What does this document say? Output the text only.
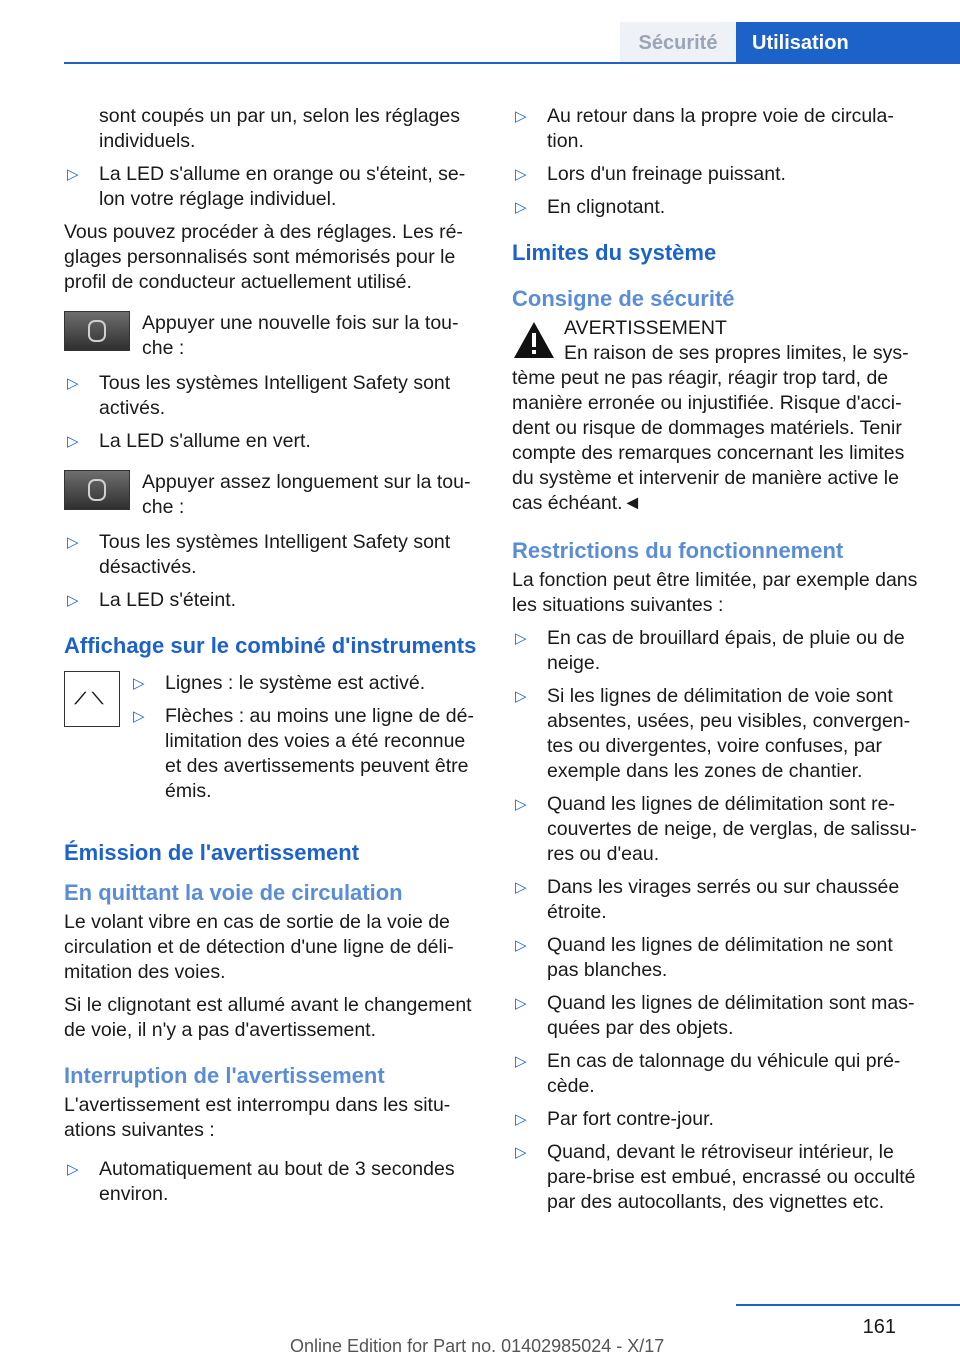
Sécurité	Utilisation
sont coupés un par un, selon les réglages individuels.
▷	La LED s'allume en orange ou s'éteint, se-lon votre réglage individuel.

Vous pouvez procéder à des réglages. Les ré-glages personnalisés sont mémorisés pour le profil de conducteur actuellement utilisé.

Appuyer une nouvelle fois sur la tou-che :
▷	Tous les systèmes Intelligent Safety sont activés.
▷	La LED s'allume en vert.
Appuyer assez longuement sur la tou-che :
▷	Tous les systèmes Intelligent Safety sont désactivés.
▷	La LED s'éteint.
Affichage sur le combiné d'instruments
⟋⟍
▷	Lignes : le système est activé.
▷	Flèches : au moins une ligne de dé-limitation des voies a été reconnue et des avertissements peuvent être émis.
Émission de l'avertissement
En quittant la voie de circulation

Le volant vibre en cas de sortie de la voie de circulation et de détection d'une ligne de déli-mitation des voies.

Si le clignotant est allumé avant le changement de voie, il n'y a pas d'avertissement.

Interruption de l'avertissement

L'avertissement est interrompu dans les situ-ations suivantes :

▷	Automatiquement au bout de 3 secondes environ.
▷	Au retour dans la propre voie de circula-tion.
▷	Lors d'un freinage puissant.
▷	En clignotant.
Limites du système
Consigne de sécurité
AVERTISSEMENT
En raison de ses propres limites, le sys-

tème peut ne pas réagir, réagir trop tard, de manière erronée ou injustifiée. Risque d'acci-dent ou risque de dommages matériels. Tenir compte des remarques concernant les limites du système et intervenir de manière active le cas échéant.◄

Restrictions du fonctionnement

La fonction peut être limitée, par exemple dans les situations suivantes :

▷	En cas de brouillard épais, de pluie ou de neige.
▷	Si les lignes de délimitation de voie sont absentes, usées, peu visibles, convergen-tes ou divergentes, voire confuses, par exemple dans les zones de chantier.
▷	Quand les lignes de délimitation sont re-couvertes de neige, de verglas, de salissu-res ou d'eau.
▷	Dans les virages serrés ou sur chaussée étroite.
▷	Quand les lignes de délimitation ne sont pas blanches.
▷	Quand les lignes de délimitation sont mas-quées par des objets.
▷	En cas de talonnage du véhicule qui pré-cède.
▷	Par fort contre-jour.
▷	Quand, devant le rétroviseur intérieur, le pare-brise est embué, encrassé ou occulté par des autocollants, des vignettes etc.
161
Online Edition for Part no. 01402985024 - X/17
